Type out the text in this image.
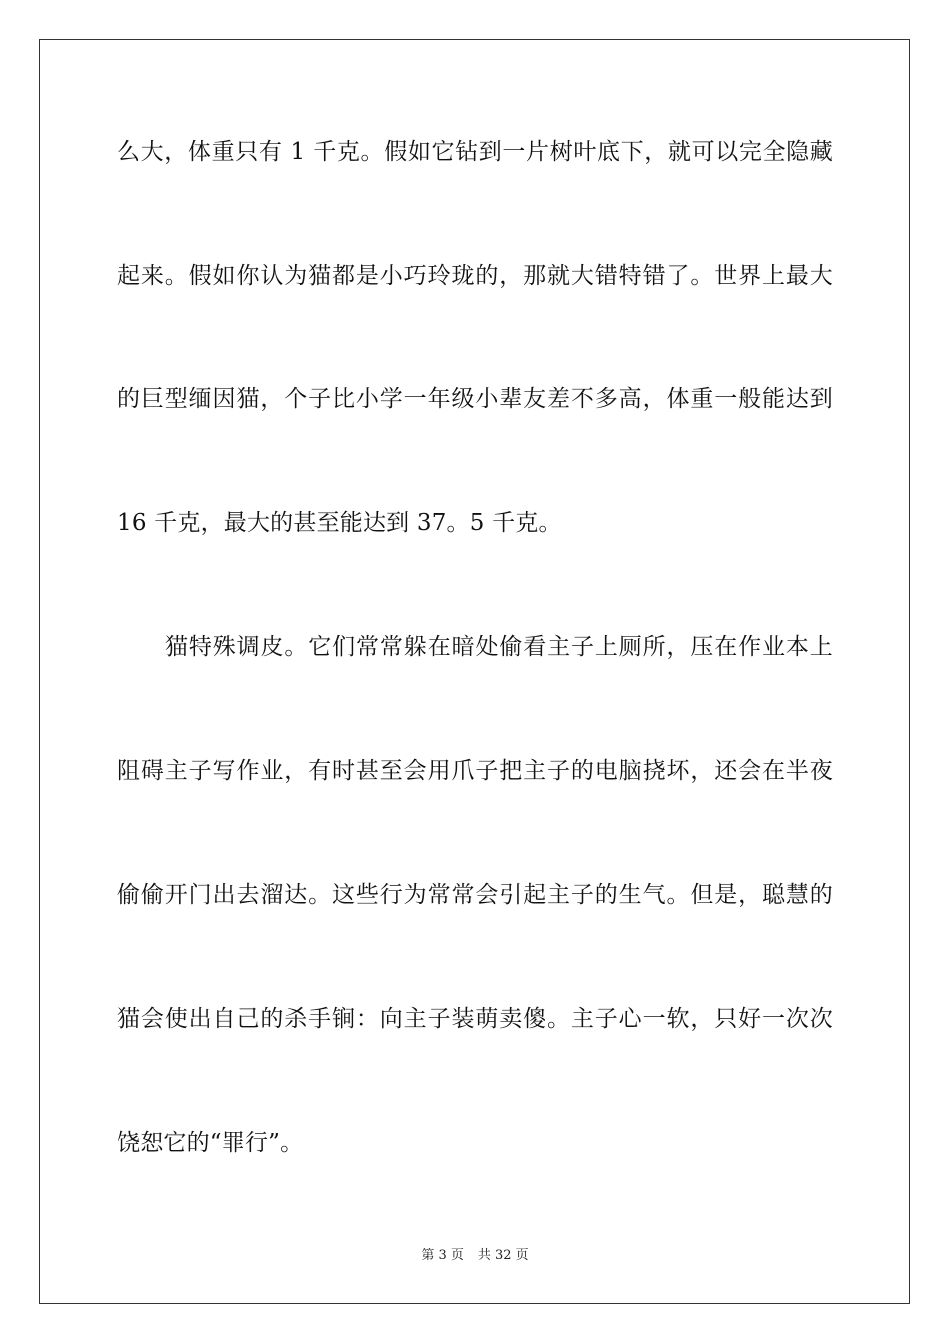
么大，体重只有 1 千克。假如它钻到一片树叶底下，就可以完全隐藏
起来。假如你认为猫都是小巧玲珑的，那就大错特错了。世界上最大
的巨型缅因猫，个子比小学一年级小辈友差不多高，体重一般能达到
16 千克，最大的甚至能达到 37。5 千克。
猫特殊调皮。它们常常躲在暗处偷看主子上厕所，压在作业本上
阻碍主子写作业，有时甚至会用爪子把主子的电脑挠坏，还会在半夜
偷偷开门出去溜达。这些行为常常会引起主子的生气。但是，聪慧的
猫会使出自己的杀手锏：向主子装萌卖傻。主子心一软，只好一次次
饶恕它的“罪行”。
第 3 页 共 32 页
